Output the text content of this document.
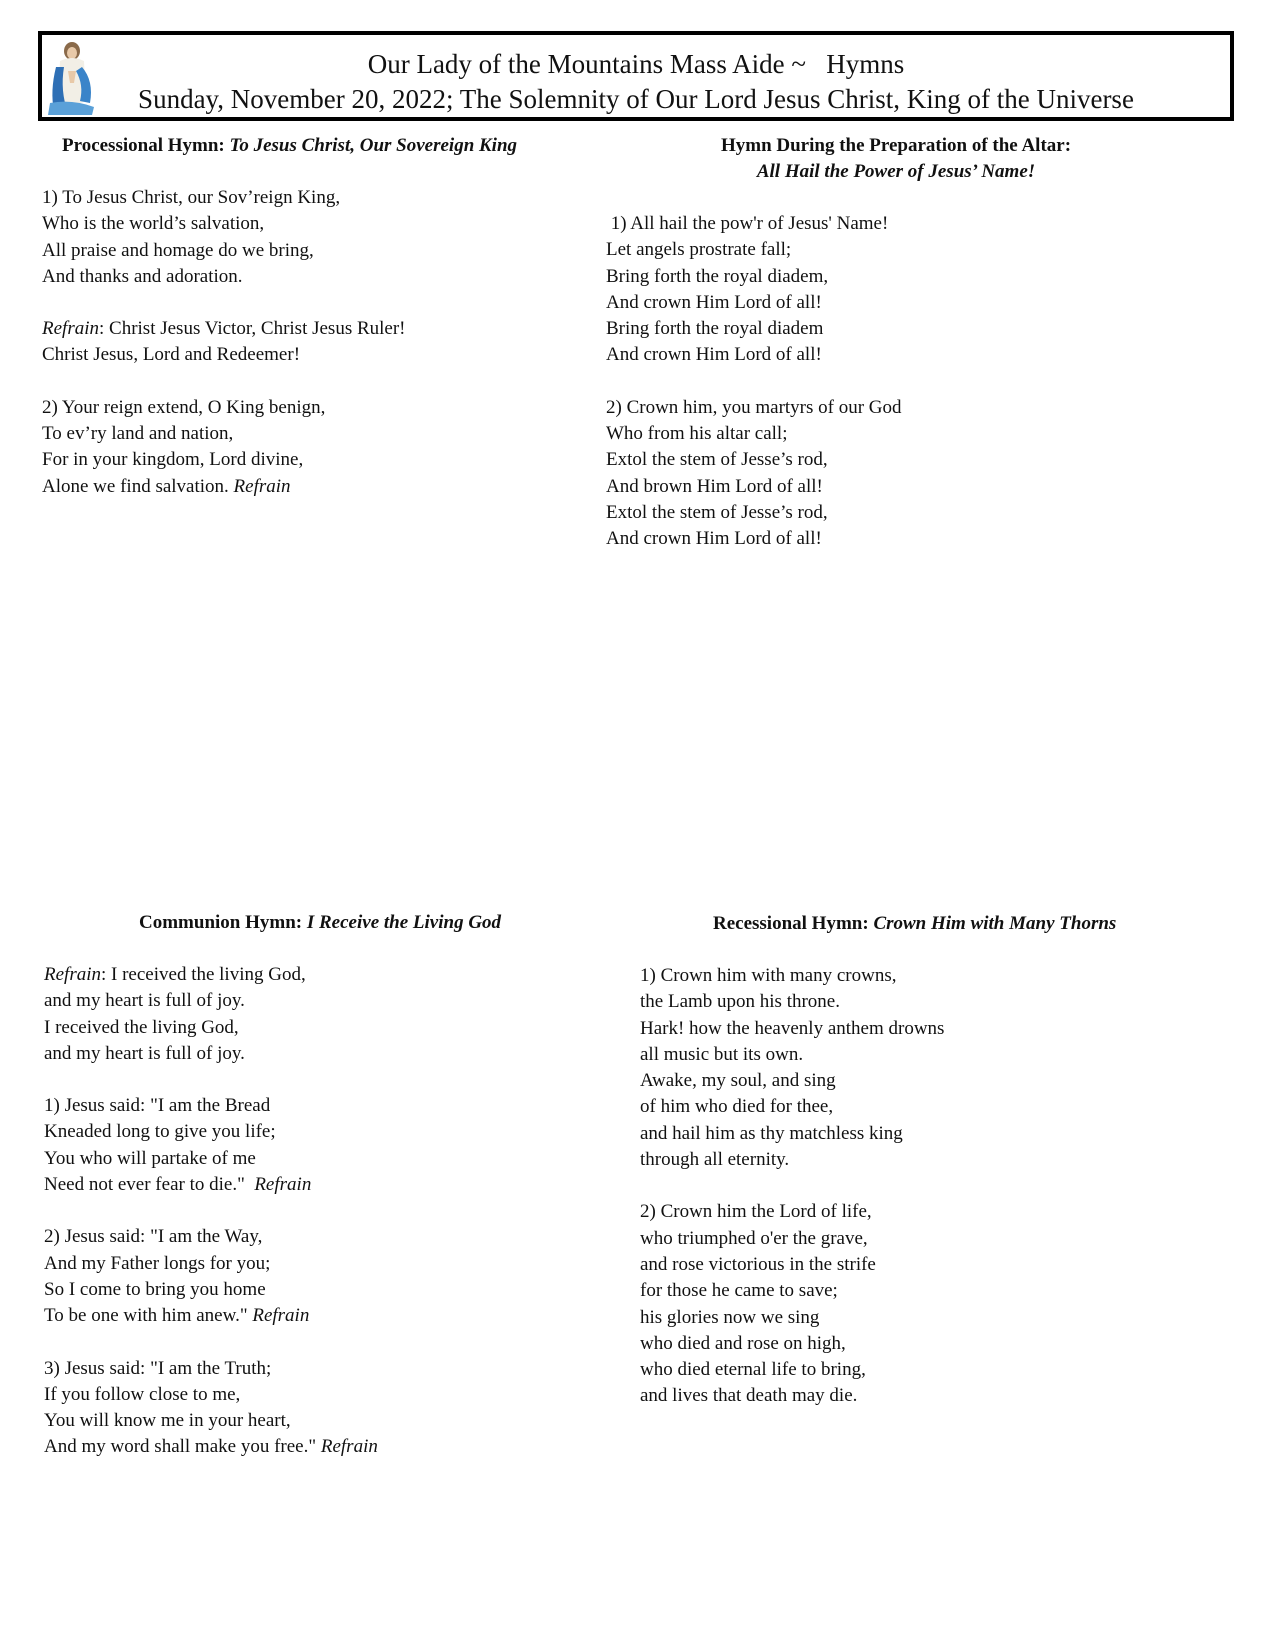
Our Lady of the Mountains Mass Aide ~   Hymns
Sunday, November 20, 2022; The Solemnity of Our Lord Jesus Christ, King of the Universe
Processional Hymn: To Jesus Christ, Our Sovereign King
1) To Jesus Christ, our Sov’reign King,
Who is the world’s salvation,
All praise and homage do we bring,
And thanks and adoration.
Refrain: Christ Jesus Victor, Christ Jesus Ruler!
Christ Jesus, Lord and Redeemer!
2) Your reign extend, O King benign,
To ev’ry land and nation,
For in your kingdom, Lord divine,
Alone we find salvation. Refrain
Hymn During the Preparation of the Altar:
All Hail the Power of Jesus’ Name!
1) All hail the pow'r of Jesus' Name!
Let angels prostrate fall;
Bring forth the royal diadem,
And crown Him Lord of all!
Bring forth the royal diadem
And crown Him Lord of all!
2) Crown him, you martyrs of our God
Who from his altar call;
Extol the stem of Jesse’s rod,
And brown Him Lord of all!
Extol the stem of Jesse’s rod,
And crown Him Lord of all!
Communion Hymn: I Receive the Living God
Refrain: I received the living God,
and my heart is full of joy.
I received the living God,
and my heart is full of joy.
1) Jesus said: "I am the Bread
Kneaded long to give you life;
You who will partake of me
Need not ever fear to die."  Refrain
2) Jesus said: "I am the Way,
And my Father longs for you;
So I come to bring you home
To be one with him anew." Refrain
3) Jesus said: "I am the Truth;
If you follow close to me,
You will know me in your heart,
And my word shall make you free." Refrain
Recessional Hymn: Crown Him with Many Thorns
1) Crown him with many crowns,
the Lamb upon his throne.
Hark! how the heavenly anthem drowns
all music but its own.
Awake, my soul, and sing
of him who died for thee,
and hail him as thy matchless king
through all eternity.
2) Crown him the Lord of life,
who triumphed o'er the grave,
and rose victorious in the strife
for those he came to save;
his glories now we sing
who died and rose on high,
who died eternal life to bring,
and lives that death may die.
